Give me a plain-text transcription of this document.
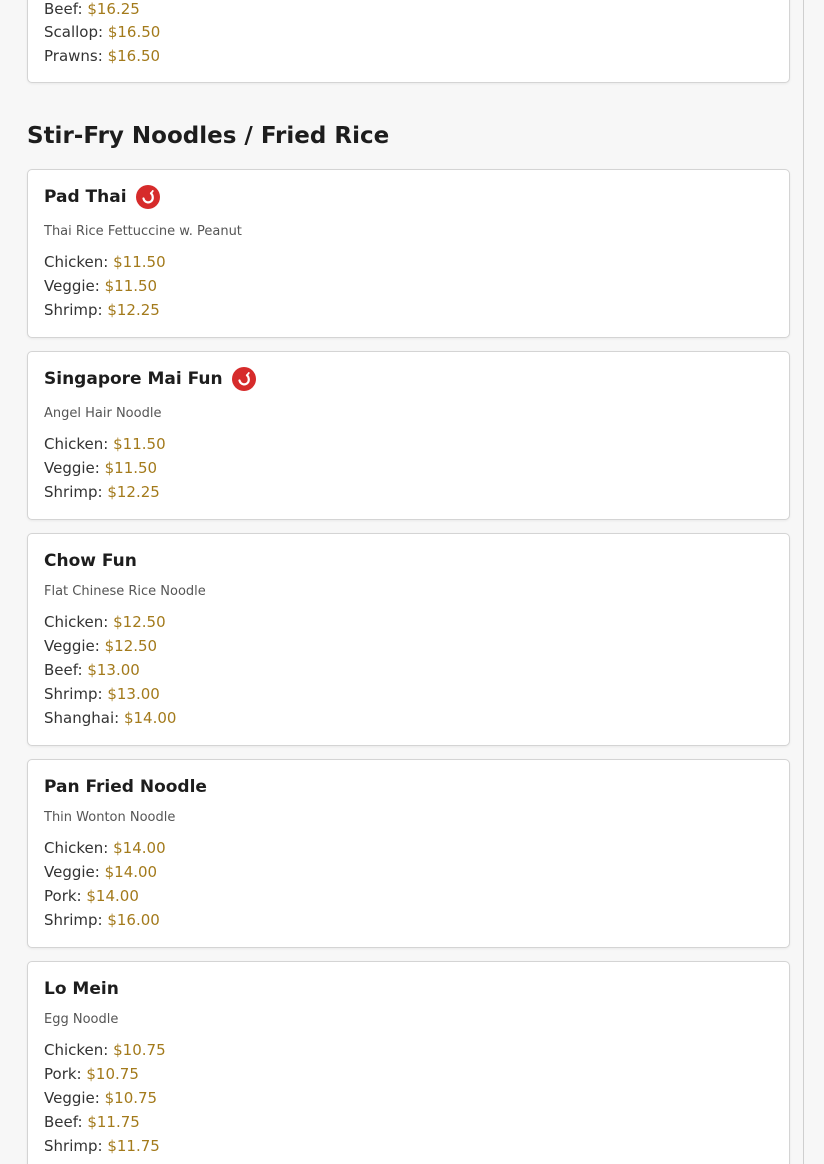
Beef: $16.25
Scallop: $16.50
Prawns: $16.50
Stir-Fry Noodles / Fried Rice
Pad Thai
Thai Rice Fettuccine w. Peanut
Chicken: $11.50
Veggie: $11.50
Shrimp: $12.25
Singapore Mai Fun
Angel Hair Noodle
Chicken: $11.50
Veggie: $11.50
Shrimp: $12.25
Chow Fun
Flat Chinese Rice Noodle
Chicken: $12.50
Veggie: $12.50
Beef: $13.00
Shrimp: $13.00
Shanghai: $14.00
Pan Fried Noodle
Thin Wonton Noodle
Chicken: $14.00
Veggie: $14.00
Pork: $14.00
Shrimp: $16.00
Lo Mein
Egg Noodle
Chicken: $10.75
Pork: $10.75
Veggie: $10.75
Beef: $11.75
Shrimp: $11.75
